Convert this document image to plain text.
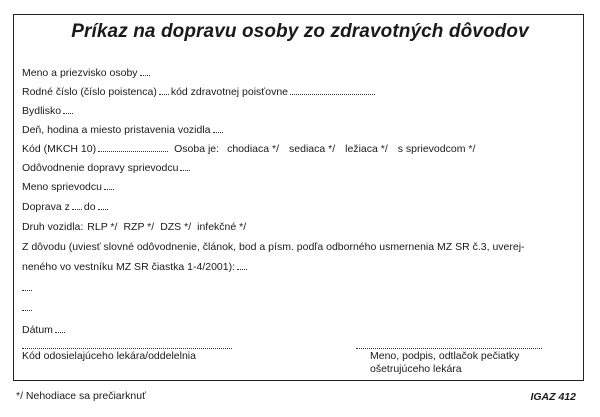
Príkaz na dopravu osoby zo zdravotných dôvodov
Meno a priezvisko osoby
Rodné číslo (číslo poistenca) kód zdravotnej poisťovne
Bydlisko
Deň, hodina a miesto pristavenia vozidla
Kód (MKCH 10)	Osoba je: chodiaca */ sediaca */ ležiaca */ s sprievodcom */
Odôvodnenie dopravy sprievodcu
Meno sprievodcu
Doprava z do
Druh vozidla: RLP */ RZP */ DZS */ infekčné */
Z dôvodu (uviesť slovné odôvodnenie, článok, bod a písm. podľa odborného usmernenia MZ SR č.3, uverej-
neného vo vestníku MZ SR čiastka 1-4/2001):
Dátum
Kód odosielajúceho lekára/oddelelnia	Meno, podpis, odtlačok pečiatky
ošetrujúceho lekára
*/ Nehodiace sa prečiarknuť	IGAZ 412
